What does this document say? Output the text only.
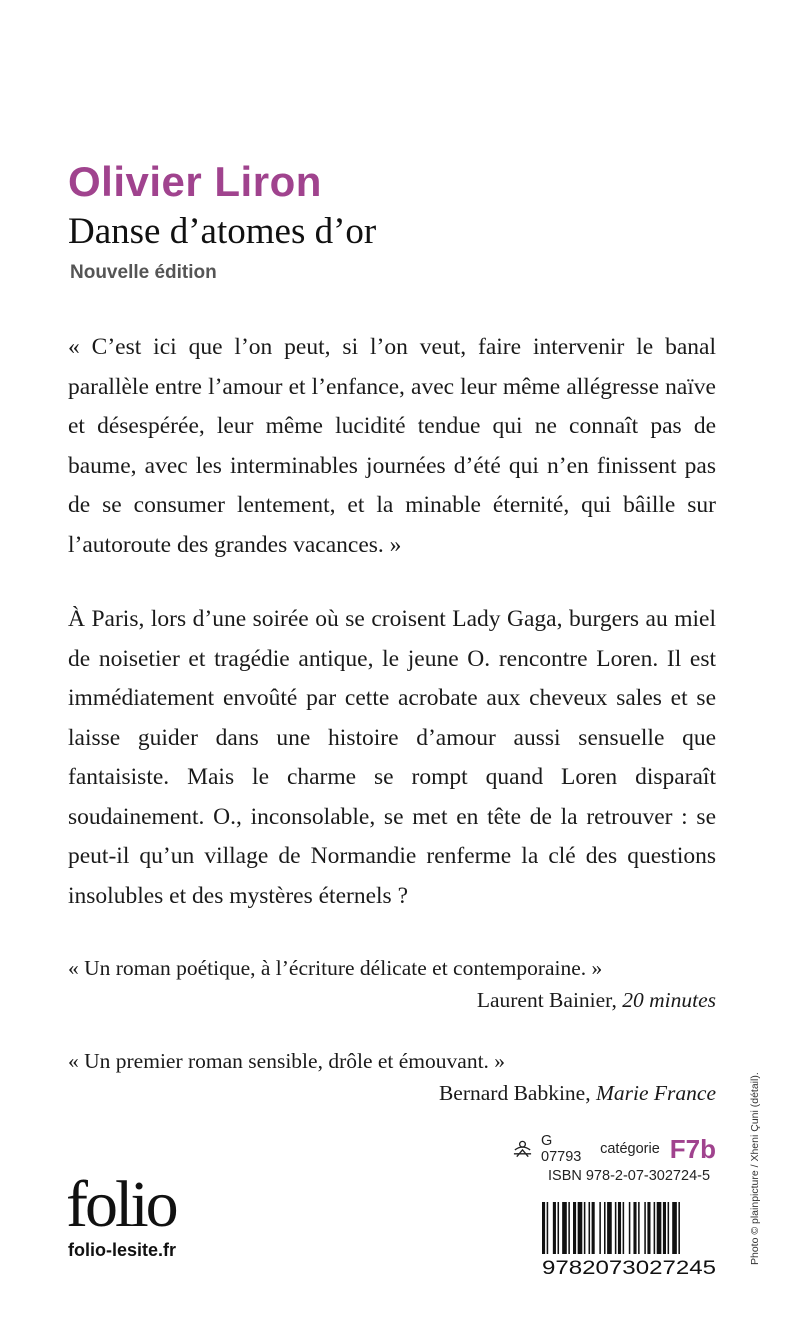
Olivier Liron
Danse d’atomes d’or
Nouvelle édition

« C’est ici que l’on peut, si l’on veut, faire intervenir le banal parallèle entre l’amour et l’enfance, avec leur même allégresse naïve et désespérée, leur même lucidité tendue qui ne connaît pas de baume, avec les interminables journées d’été qui n’en finissent pas de se consumer lentement, et la minable éternité, qui bâille sur l’autoroute des grandes vacances. »

À Paris, lors d’une soirée où se croisent Lady Gaga, burgers au miel de noisetier et tragédie antique, le jeune O. rencontre Loren. Il est immédiatement envoûté par cette acrobate aux cheveux sales et se laisse guider dans une histoire d’amour aussi sensuelle que fantaisiste. Mais le charme se rompt quand Loren disparaît soudainement. O., inconsolable, se met en tête de la retrouver : se peut-il qu’un village de Normandie renferme la clé des questions insolubles et des mystères éternels ?

« Un roman poétique, à l’écriture délicate et contemporaine. »
Laurent Bainier, 20 minutes
« Un premier roman sensible, drôle et émouvant. »
Bernard Babkine, Marie France
G 07793	catégorie F7b
ISBN 978-2-07-302724-5
9782073027245
folio
folio-lesite.fr	Photo © plainpicture / Xheni Çuni (détail).
